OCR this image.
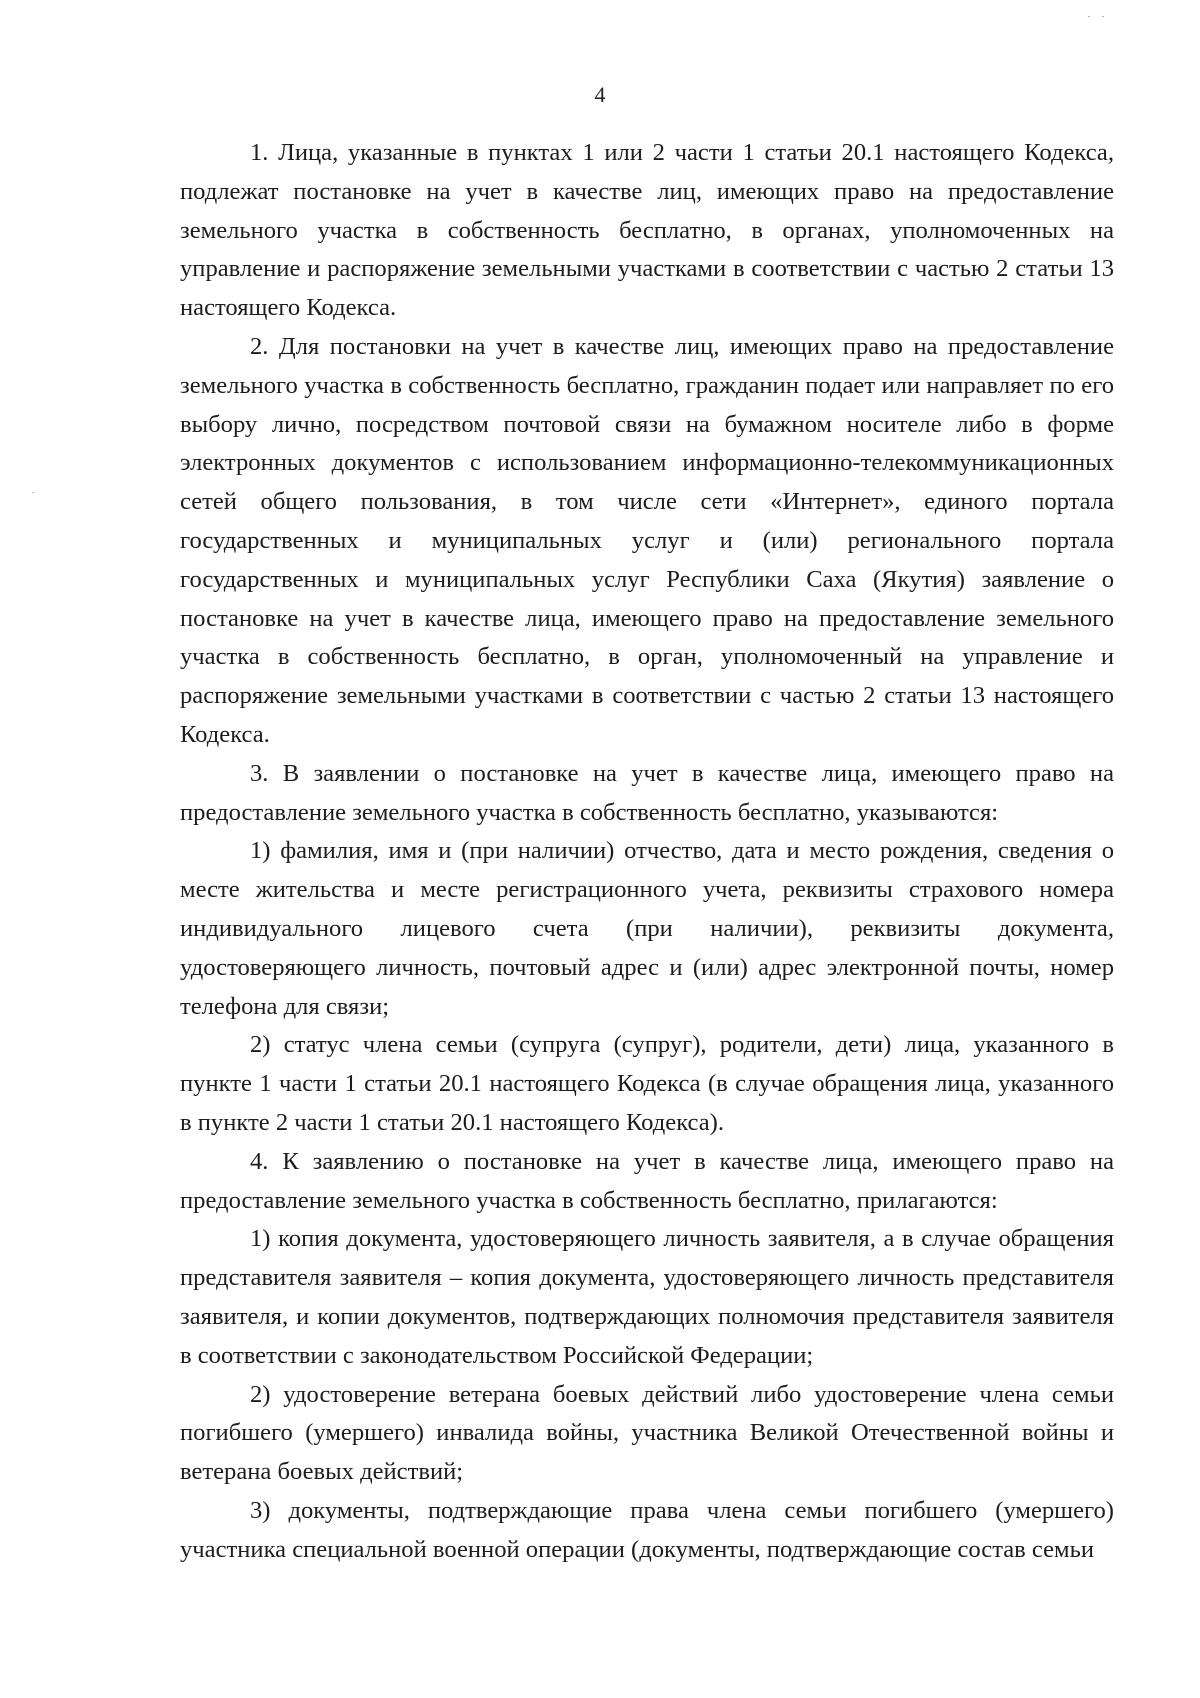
4

1. Лица, указанные в пунктах 1 или 2 части 1 статьи 20.1 настоящего Кодекса, подлежат постановке на учет в качестве лиц, имеющих право на предоставление земельного участка в собственность бесплатно, в органах, уполномоченных на управление и распоряжение земельными участками в соответствии с частью 2 статьи 13 настоящего Кодекса.

2. Для постановки на учет в качестве лиц, имеющих право на предоставление земельного участка в собственность бесплатно, гражданин подает или направляет по его выбору лично, посредством почтовой связи на бумажном носителе либо в форме электронных документов с использованием информационно-телекоммуникационных сетей общего пользования, в том числе сети «Интернет», единого портала государственных и муниципальных услуг и (или) регионального портала государственных и муниципальных услуг Республики Саха (Якутия) заявление о постановке на учет в качестве лица, имеющего право на предоставление земельного участка в собственность бесплатно, в орган, уполномоченный на управление и распоряжение земельными участками в соответствии с частью 2 статьи 13 настоящего Кодекса.

3. В заявлении о постановке на учет в качестве лица, имеющего право на предоставление земельного участка в собственность бесплатно, указываются:

1) фамилия, имя и (при наличии) отчество, дата и место рождения, сведения о месте жительства и месте регистрационного учета, реквизиты страхового номера индивидуального лицевого счета (при наличии), реквизиты документа, удостоверяющего личность, почтовый адрес и (или) адрес электронной почты, номер телефона для связи;

2) статус члена семьи (супруга (супруг), родители, дети) лица, указанного в пункте 1 части 1 статьи 20.1 настоящего Кодекса (в случае обращения лица, указанного в пункте 2 части 1 статьи 20.1 настоящего Кодекса).

4. К заявлению о постановке на учет в качестве лица, имеющего право на предоставление земельного участка в собственность бесплатно, прилагаются:

1) копия документа, удостоверяющего личность заявителя, а в случае обращения представителя заявителя – копия документа, удостоверяющего личность представителя заявителя, и копии документов, подтверждающих полномочия представителя заявителя в соответствии с законодательством Российской Федерации;

2) удостоверение ветерана боевых действий либо удостоверение члена семьи погибшего (умершего) инвалида войны, участника Великой Отечественной войны и ветерана боевых действий;

3) документы, подтверждающие права члена семьи погибшего (умершего) участника специальной военной операции (документы, подтверждающие состав семьи
